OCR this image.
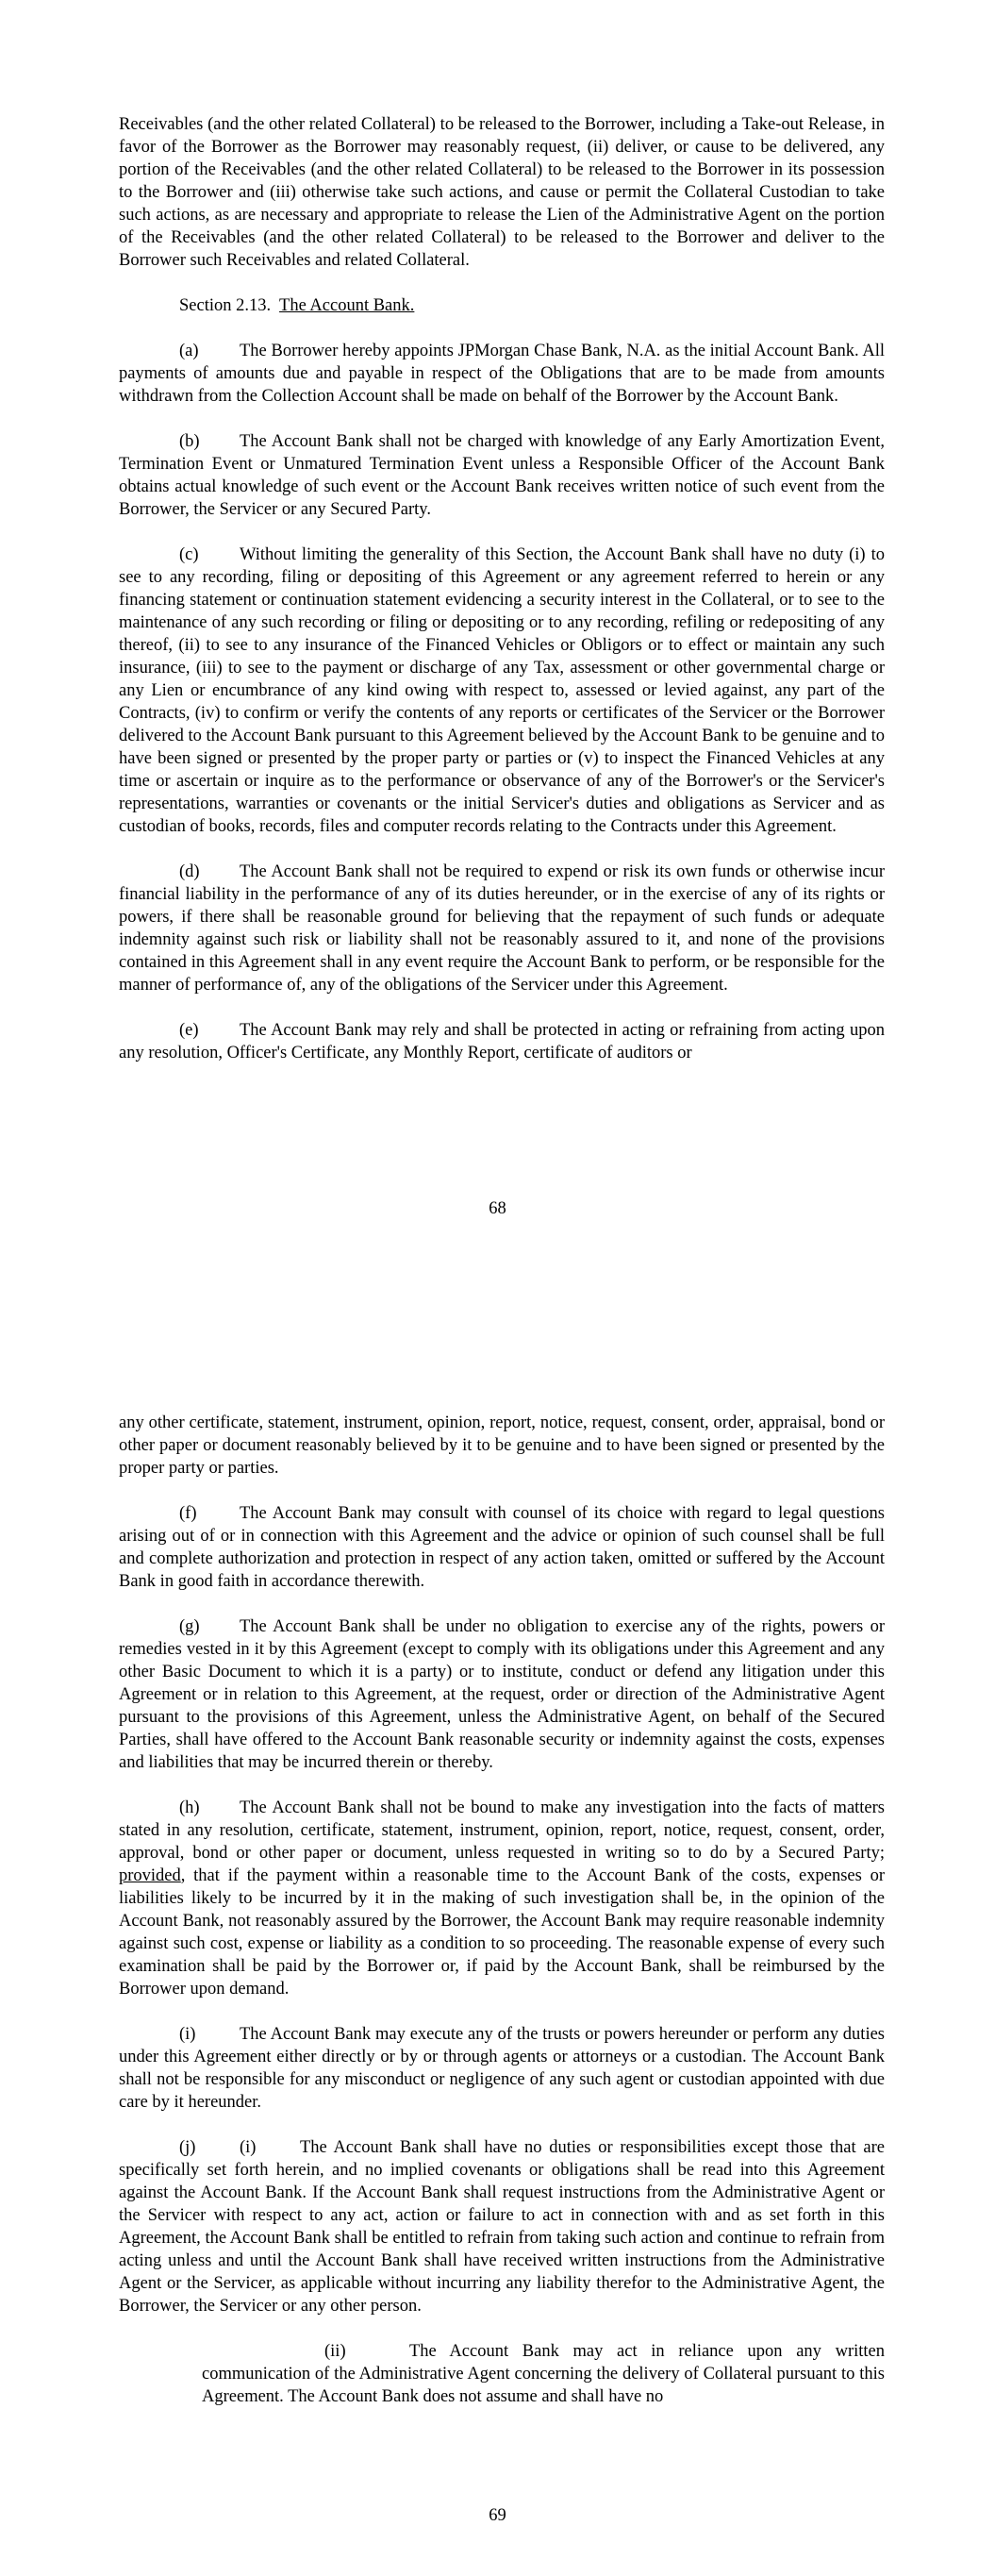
Receivables (and the other related Collateral) to be released to the Borrower, including a Take-out Release, in favor of the Borrower as the Borrower may reasonably request, (ii) deliver, or cause to be delivered, any portion of the Receivables (and the other related Collateral) to be released to the Borrower in its possession to the Borrower and (iii) otherwise take such actions, and cause or permit the Collateral Custodian to take such actions, as are necessary and appropriate to release the Lien of the Administrative Agent on the portion of the Receivables (and the other related Collateral) to be released to the Borrower and deliver to the Borrower such Receivables and related Collateral.

Section 2.13. The Account Bank.

(a) The Borrower hereby appoints JPMorgan Chase Bank, N.A. as the initial Account Bank. All payments of amounts due and payable in respect of the Obligations that are to be made from amounts withdrawn from the Collection Account shall be made on behalf of the Borrower by the Account Bank.

(b) The Account Bank shall not be charged with knowledge of any Early Amortization Event, Termination Event or Unmatured Termination Event unless a Responsible Officer of the Account Bank obtains actual knowledge of such event or the Account Bank receives written notice of such event from the Borrower, the Servicer or any Secured Party.

(c) Without limiting the generality of this Section, the Account Bank shall have no duty (i) to see to any recording, filing or depositing of this Agreement or any agreement referred to herein or any financing statement or continuation statement evidencing a security interest in the Collateral, or to see to the maintenance of any such recording or filing or depositing or to any recording, refiling or redepositing of any thereof, (ii) to see to any insurance of the Financed Vehicles or Obligors or to effect or maintain any such insurance, (iii) to see to the payment or discharge of any Tax, assessment or other governmental charge or any Lien or encumbrance of any kind owing with respect to, assessed or levied against, any part of the Contracts, (iv) to confirm or verify the contents of any reports or certificates of the Servicer or the Borrower delivered to the Account Bank pursuant to this Agreement believed by the Account Bank to be genuine and to have been signed or presented by the proper party or parties or (v) to inspect the Financed Vehicles at any time or ascertain or inquire as to the performance or observance of any of the Borrower's or the Servicer's representations, warranties or covenants or the initial Servicer's duties and obligations as Servicer and as custodian of books, records, files and computer records relating to the Contracts under this Agreement.

(d) The Account Bank shall not be required to expend or risk its own funds or otherwise incur financial liability in the performance of any of its duties hereunder, or in the exercise of any of its rights or powers, if there shall be reasonable ground for believing that the repayment of such funds or adequate indemnity against such risk or liability shall not be reasonably assured to it, and none of the provisions contained in this Agreement shall in any event require the Account Bank to perform, or be responsible for the manner of performance of, any of the obligations of the Servicer under this Agreement.

(e) The Account Bank may rely and shall be protected in acting or refraining from acting upon any resolution, Officer's Certificate, any Monthly Report, certificate of auditors or

68

any other certificate, statement, instrument, opinion, report, notice, request, consent, order, appraisal, bond or other paper or document reasonably believed by it to be genuine and to have been signed or presented by the proper party or parties.

(f) The Account Bank may consult with counsel of its choice with regard to legal questions arising out of or in connection with this Agreement and the advice or opinion of such counsel shall be full and complete authorization and protection in respect of any action taken, omitted or suffered by the Account Bank in good faith in accordance therewith.

(g) The Account Bank shall be under no obligation to exercise any of the rights, powers or remedies vested in it by this Agreement (except to comply with its obligations under this Agreement and any other Basic Document to which it is a party) or to institute, conduct or defend any litigation under this Agreement or in relation to this Agreement, at the request, order or direction of the Administrative Agent pursuant to the provisions of this Agreement, unless the Administrative Agent, on behalf of the Secured Parties, shall have offered to the Account Bank reasonable security or indemnity against the costs, expenses and liabilities that may be incurred therein or thereby.

(h) The Account Bank shall not be bound to make any investigation into the facts of matters stated in any resolution, certificate, statement, instrument, opinion, report, notice, request, consent, order, approval, bond or other paper or document, unless requested in writing so to do by a Secured Party; provided, that if the payment within a reasonable time to the Account Bank of the costs, expenses or liabilities likely to be incurred by it in the making of such investigation shall be, in the opinion of the Account Bank, not reasonably assured by the Borrower, the Account Bank may require reasonable indemnity against such cost, expense or liability as a condition to so proceeding. The reasonable expense of every such examination shall be paid by the Borrower or, if paid by the Account Bank, shall be reimbursed by the Borrower upon demand.

(i)	The Account Bank may execute any of the trusts or powers hereunder or perform any duties under this Agreement either directly or by or through agents or attorneys or a custodian. The Account Bank shall not be responsible for any misconduct or negligence of any such agent or custodian appointed with due care by it hereunder.

(j)	(i)	The Account Bank shall have no duties or responsibilities except those that are specifically set forth herein, and no implied covenants or obligations shall be read into this Agreement against the Account Bank. If the Account Bank shall request instructions from the Administrative Agent or the Servicer with respect to any act, action or failure to act in connection with and as set forth in this Agreement, the Account Bank shall be entitled to refrain from taking such action and continue to refrain from acting unless and until the Account Bank shall have received written instructions from the Administrative Agent or the Servicer, as applicable without incurring any liability therefor to the Administrative Agent, the Borrower, the Servicer or any other person.

(ii)	The Account Bank may act in reliance upon any written communication of the Administrative Agent concerning the delivery of Collateral pursuant to this Agreement. The Account Bank does not assume and shall have no

69
